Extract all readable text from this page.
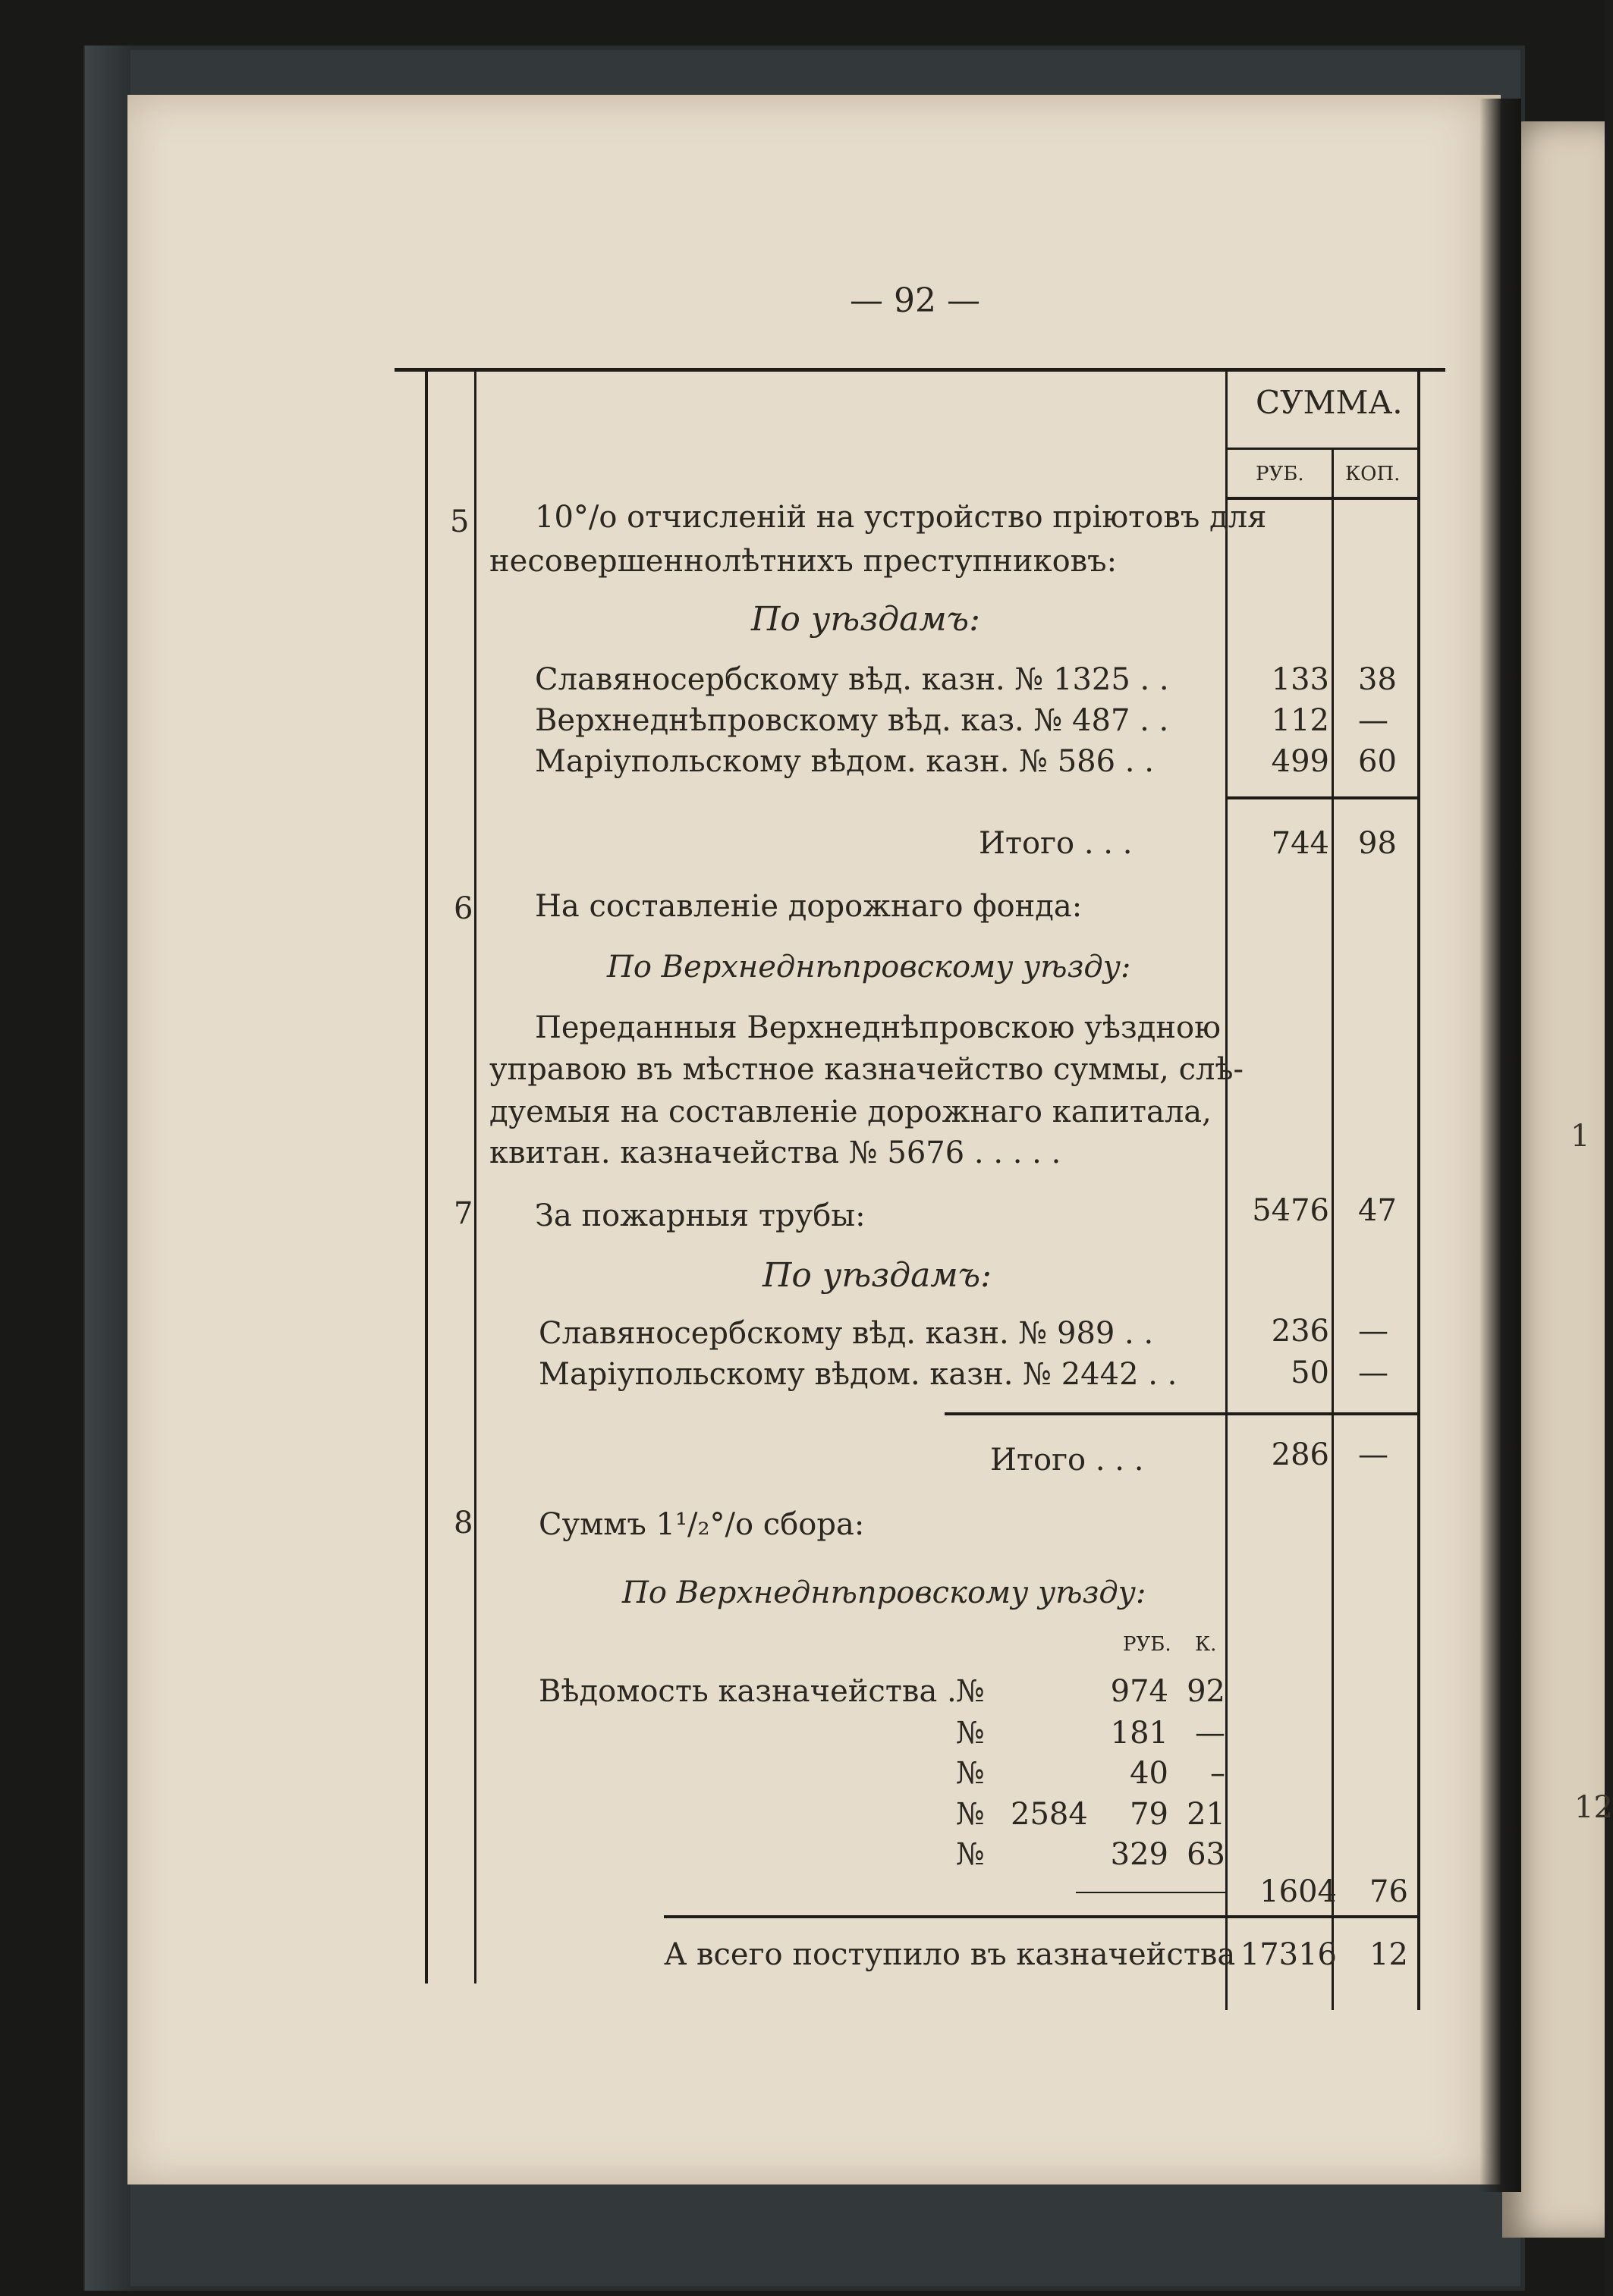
1
12
— 92 —
СУММА.
РУБ. КОП.
5 10°/о отчисленій на устройство пріютовъ для
несовершеннолѣтнихъ преступниковъ:
По уѣздамъ:
Славяносербскому вѣд. казн. № 1325 . .	133 38
Верхнеднѣпровскому вѣд. каз. № 487 . .	112 —
Маріупольскому вѣдом. казн. № 586 . .	499 60
Итого . . .	744 98
6 На составленіе дорожнаго фонда:
По Верхнеднѣпровскому уѣзду:
Переданныя Верхнеднѣпровскою уѣздною
управою въ мѣстное казначейство суммы, слѣ-
дуемыя на составленіе дорожнаго капитала,
квитан. казначейства № 5676 . . . . .
7 За пожарныя трубы:	5476 47
По уѣздамъ:
Славяносербскому вѣд. казн. № 989 . .	236 —
Маріупольскому вѣдом. казн. № 2442 . .	50 —
Итого . . .	286 —
8 Суммъ 1¹/₂°/о сбора:
По Верхнеднѣпровскому уѣзду:
РУБ. К.
Вѣдомость казначейства . №	974 92
№	181 —
№	40	–
№ 2584	79 21
№	329 63
1604 76
А всего поступило въ казначейства 17316 12
